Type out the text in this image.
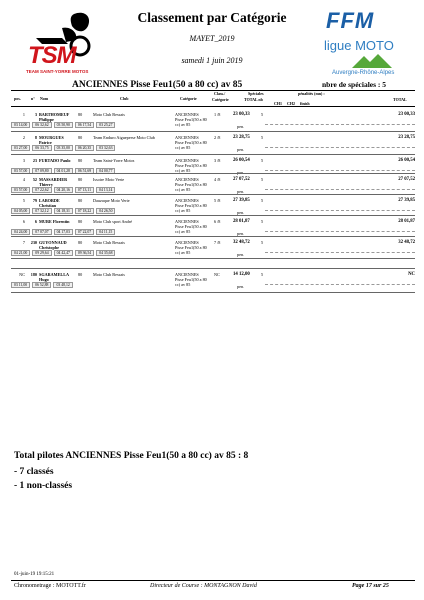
TSM
TEAM SAINT-YORRE MOTOS
FFM
ligue MOTO
Auvergne-Rhône-Alpes
Classement par Catégorie
MAYET_2019
samedi 1 juin 2019
ANCIENNES Pisse Feu1(50 a 80 cc) av 85	nbre de spéciales : 5
pos.	n° Nom	Club	Catégorie
Class./
Catégorie
Spéciales
TOTAL nb
pénalités (mn) :
CH1 CH2 finish
TOTAL
1	3 BARTHOMEUF
Philippe
80	Moto Club Bessais	ANCIENNES Pisse Feu1(50 a 80 cc) av 85
1 /8	23 00,33	5	23 00,33
pen.
03 14,00	06 32,62	03 50,90	06 17,54	03 25,27
2	8 MOURGUES
Patrice
80	Team Enduro Aigueperse Moto Club	ANCIENNES Pisse Feu1(50 a 80 cc) av 85
2 /8	23 28,75	5	23 28,75
pen.
03 27,00	06 33,75	03 35,00	06 20,35	03 32,63
3	23 FURTADO Paulo 80	Team Saint-Yorre Motos	ANCIENNES Pisse Feu1(50 a 80 cc) av 85
3 /8	26 00,54	5	26 00,54
03 57,00	07 09,80	04 01,28	06 51,69	04 00,77
4	52 MASSARDIER
Thierry
80	Issoire Moto Verte	ANCIENNES Pisse Feu1(50 a 80 cc) av 85
4 /8	27 07,52	5	27 07,52
pen.
03 57,00	07 22,62	04 20,16	07 13,11	04 13,14
5	79 LABORDE
Christian
80	Dauzaque Moto Verte	ANCIENNES Pisse Feu1(50 a 80 cc) av 85
5 /8	27 39,85	5	27 39,85
pen.
04 05,00	07 32,12	04 18,31	07 18,22	04 26,50
6	6 MURE Florentin 80	Moto Club sport André	ANCIENNES Pisse Feu1(50 a 80 cc) av 85
6 /8	28 01,87	5	28 01,87
pen.
04 24,00	07 07,07	04 17,03	07 22,07	04 11,15
7	230 GUYONNAUD
Christophe
80	Moto Club Bessais	ANCIENNES Pisse Feu1(50 a 80 cc) av 85
7 /8	32 48,72	5	32 48,72
pen.
04 21,00	09 29,64	04 42,47	09 36,54	04 35,68
NC	180 SGARAMELLA
Hugo
80	Moto Club Bessais	ANCIENNES Pisse Feu1(50 a 80 cc) av 85
NC	14 12,00	5	NC
pen.
03 11,00	06 52,88	03 48,12
Total pilotes ANCIENNES Pisse Feu1(50 a 80 cc) av 85 : 8
- 7 classés
- 1 non-classés
01-juin-19 19:15:21
Chronometrage : MOTOTT.fr	Directeur de Course : MONTAGNON David	Page 17 sur 25
